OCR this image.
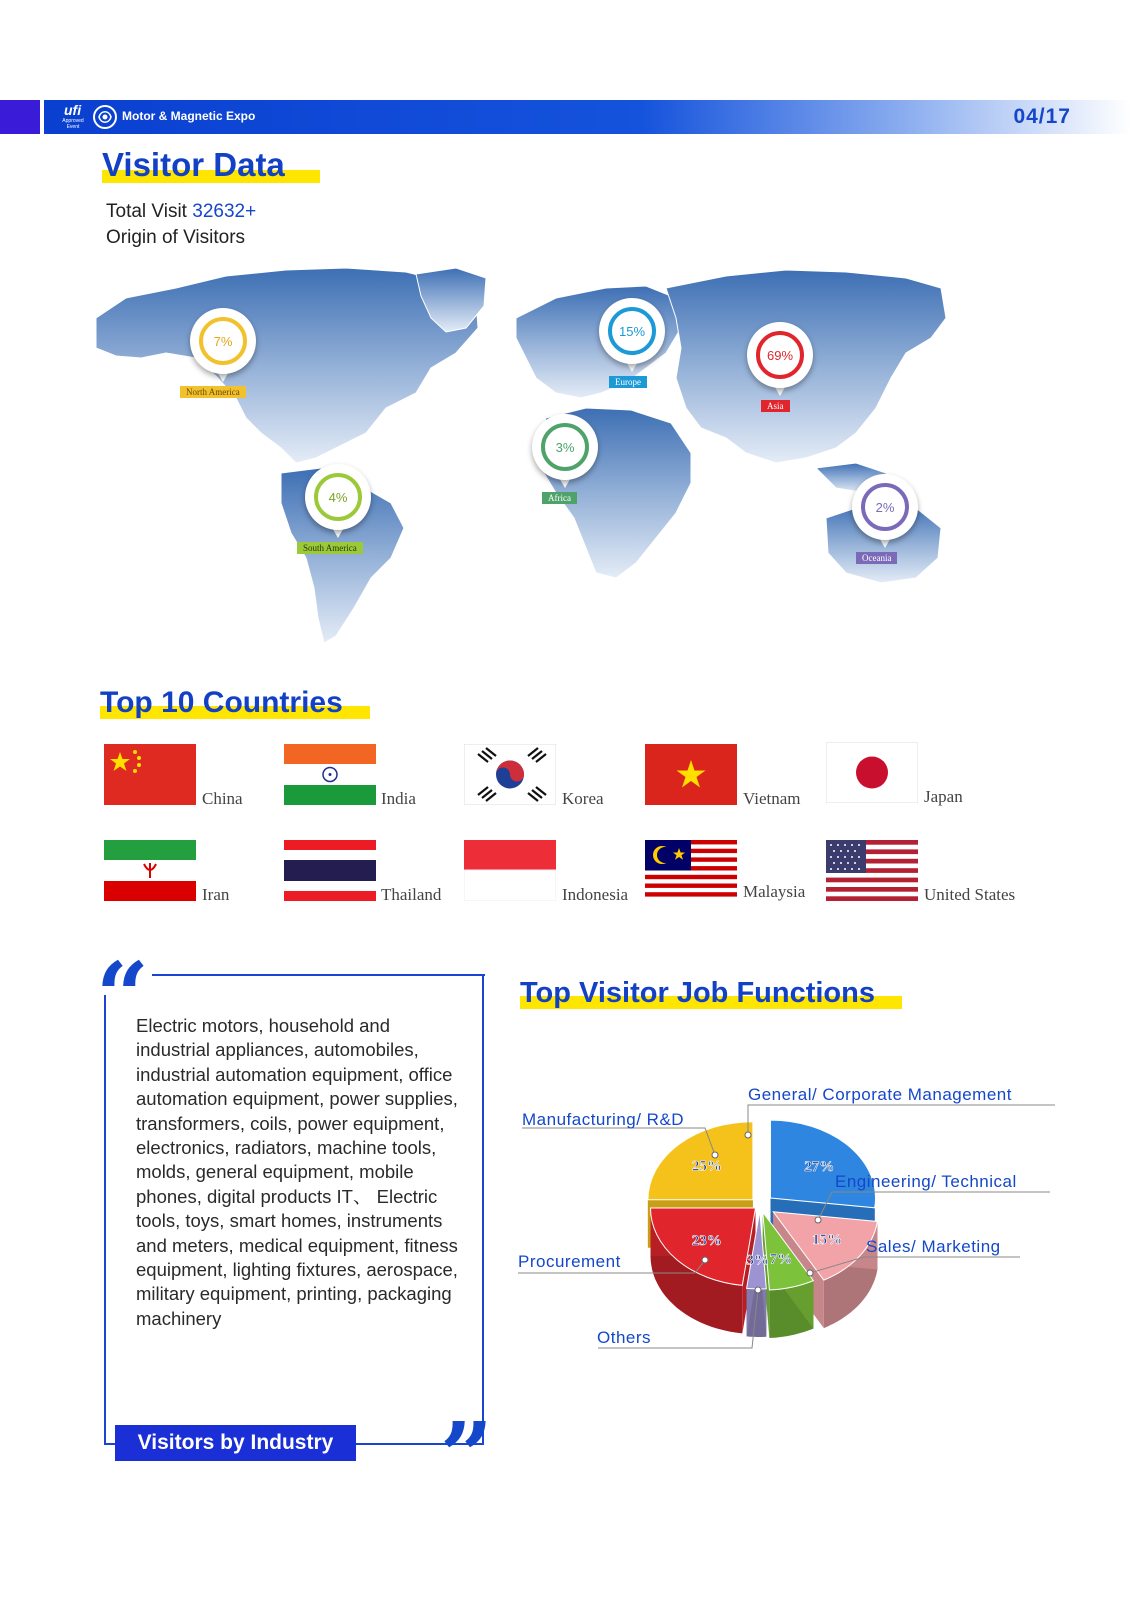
ufi
Approved Event
Motor & Magnetic Expo	04/17
Visitor Data
Total Visit 32632+
Origin of Visitors
7%
North America
15%
Europe
69%
Asia
3%
Africa
4%
South America
2%
Oceania
Top 10 Countries
China	India	Korea	Vietnam	Japan
Iran	Thailand	Indonesia	Malaysia	United States
“
”
Electric motors, household and industrial appliances, automobiles, industrial automation equipment, office automation equipment, power supplies, transformers, coils, power equipment, electronics, radiators, machine tools, molds, general equipment, mobile phones, digital products IT、 Electric tools, toys, smart homes, instruments and meters, medical equipment, fitness equipment, lighting fixtures, aerospace, military equipment, printing, packaging machinery
Visitors by Industry
Top Visitor Job Functions
27%
15%
7%
3%
23%
25%
General/ Corporate Management
Engineering/ Technical
Sales/ Marketing
Others
Procurement
Manufacturing/ R&D
